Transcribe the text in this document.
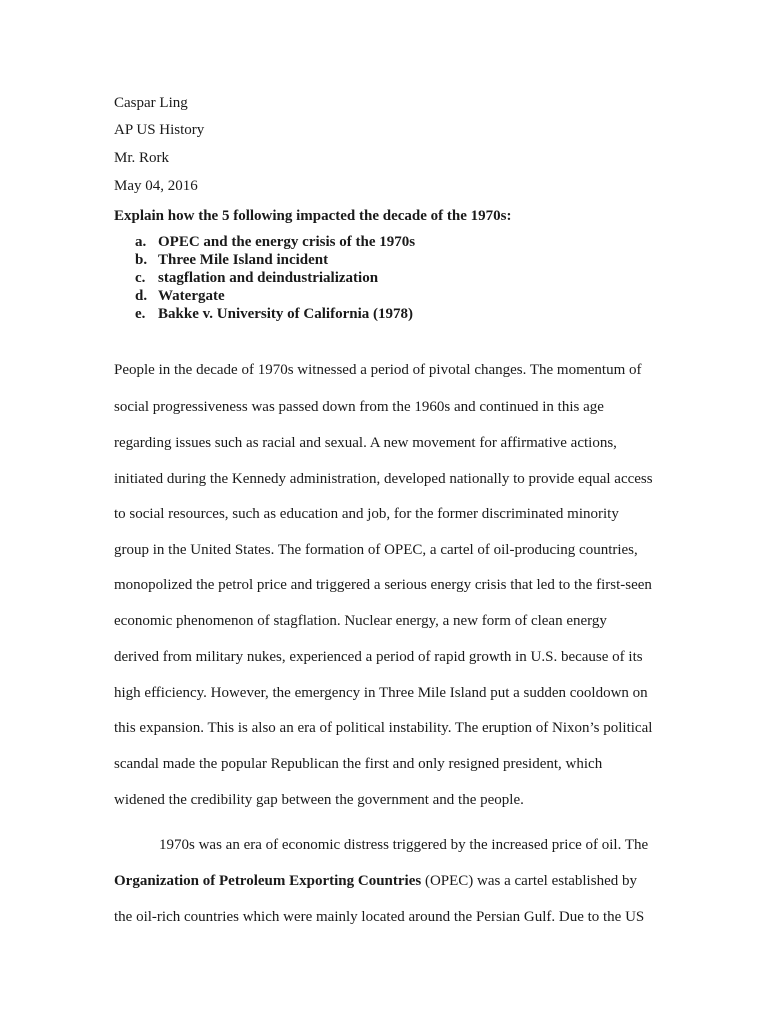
Caspar Ling
AP US History
Mr. Rork
May 04, 2016
Explain how the 5 following impacted the decade of the 1970s:
a. OPEC and the energy crisis of the 1970s
b. Three Mile Island incident
c. stagflation and deindustrialization
d. Watergate
e. Bakke v. University of California (1978)
People in the decade of 1970s witnessed a period of pivotal changes. The momentum of
social progressiveness was passed down from the 1960s and continued in this age
regarding issues such as racial and sexual. A new movement for affirmative actions,
initiated during the Kennedy administration, developed nationally to provide equal access
to social resources, such as education and job, for the former discriminated minority
group in the United States. The formation of OPEC, a cartel of oil-producing countries,
monopolized the petrol price and triggered a serious energy crisis that led to the first-seen
economic phenomenon of stagflation. Nuclear energy, a new form of clean energy
derived from military nukes, experienced a period of rapid growth in U.S. because of its
high efficiency. However, the emergency in Three Mile Island put a sudden cooldown on
this expansion. This is also an era of political instability. The eruption of Nixon’s political
scandal made the popular Republican the first and only resigned president, which
widened the credibility gap between the government and the people.
1970s was an era of economic distress triggered by the increased price of oil. The
Organization of Petroleum Exporting Countries (OPEC) was a cartel established by
the oil-rich countries which were mainly located around the Persian Gulf. Due to the US
